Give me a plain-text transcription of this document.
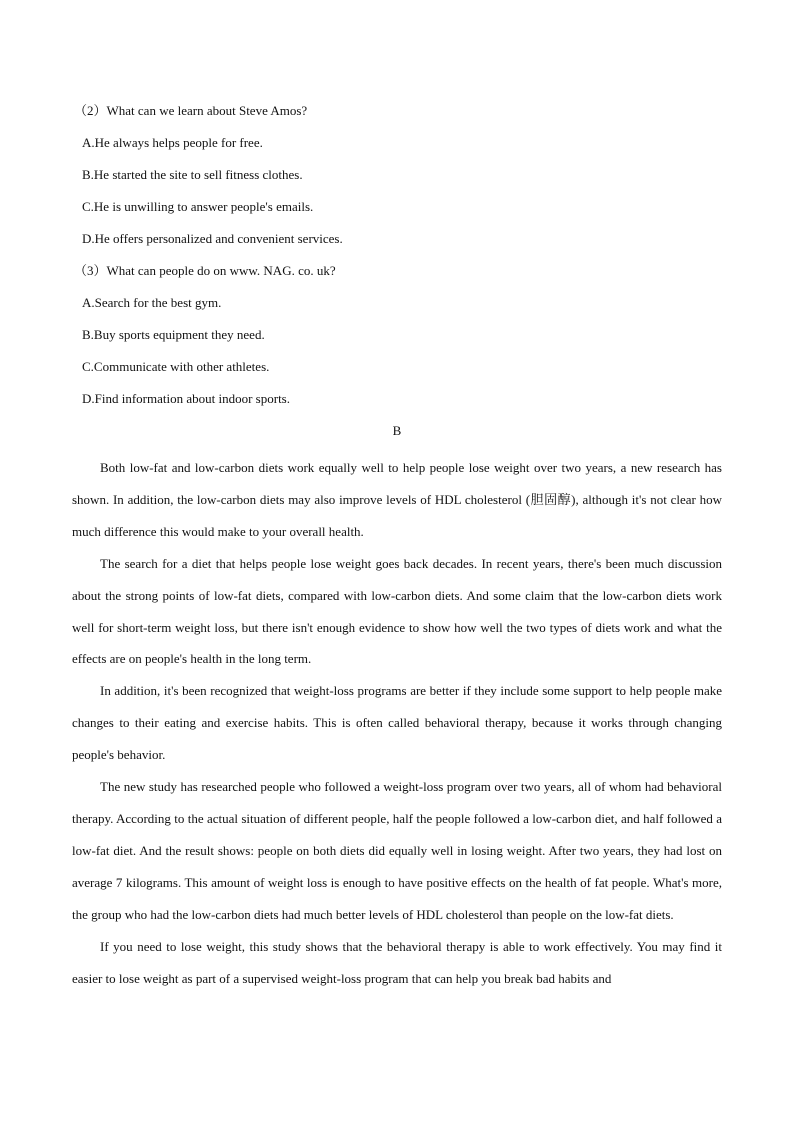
（2）What can we learn about Steve Amos?
A.He always helps people for free.
B.He started the site to sell fitness clothes.
C.He is unwilling to answer people's emails.
D.He offers personalized and convenient services.
（3）What can people do on www. NAG. co. uk?
A.Search for the best gym.
B.Buy sports equipment they need.
C.Communicate with other athletes.
D.Find information about indoor sports.
B

Both low-fat and low-carbon diets work equally well to help people lose weight over two years, a new research has shown. In addition, the low-carbon diets may also improve levels of HDL cholesterol (胆固醇), although it's not clear how much difference this would make to your overall health.

The search for a diet that helps people lose weight goes back decades. In recent years, there's been much discussion about the strong points of low-fat diets, compared with low-carbon diets. And some claim that the low-carbon diets work well for short-term weight loss, but there isn't enough evidence to show how well the two types of diets work and what the effects are on people's health in the long term.

In addition, it's been recognized that weight-loss programs are better if they include some support to help people make changes to their eating and exercise habits. This is often called behavioral therapy, because it works through changing people's behavior.

The new study has researched people who followed a weight-loss program over two years, all of whom had behavioral therapy. According to the actual situation of different people, half the people followed a low-carbon diet, and half followed a low-fat diet. And the result shows: people on both diets did equally well in losing weight. After two years, they had lost on average 7 kilograms. This amount of weight loss is enough to have positive effects on the health of fat people. What's more, the group who had the low-carbon diets had much better levels of HDL cholesterol than people on the low-fat diets.

If you need to lose weight, this study shows that the behavioral therapy is able to work effectively. You may find it easier to lose weight as part of a supervised weight-loss program that can help you break bad habits and
